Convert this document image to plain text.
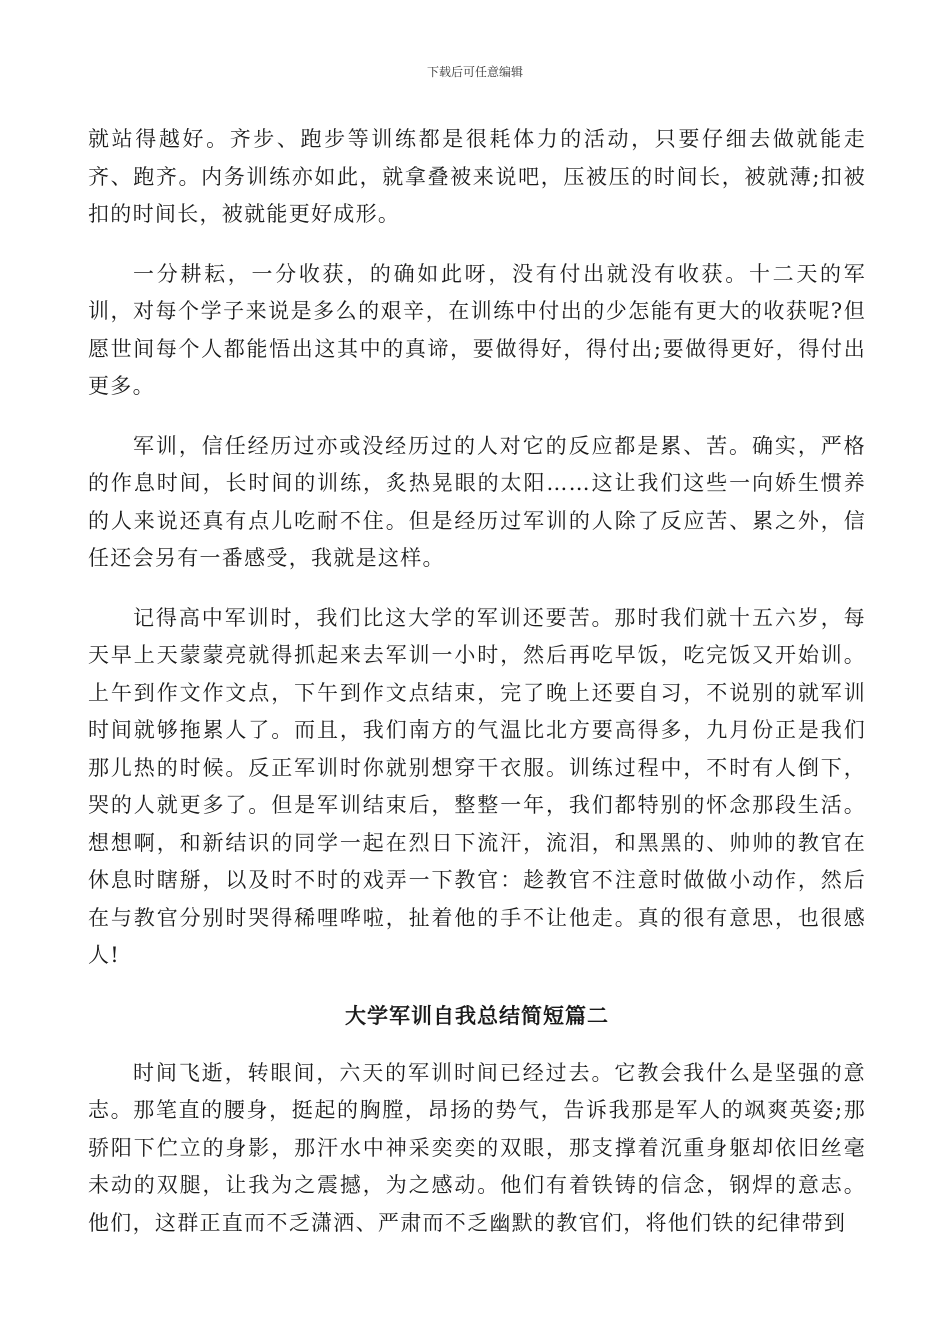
下载后可任意编辑

就站得越好。齐步、跑步等训练都是很耗体力的活动，只要仔细去做就能走齐、跑齐。内务训练亦如此，就拿叠被来说吧，压被压的时间长，被就薄;扣被扣的时间长，被就能更好成形。

一分耕耘，一分收获，的确如此呀，没有付出就没有收获。十二天的军训，对每个学子来说是多么的艰辛，在训练中付出的少怎能有更大的收获呢?但愿世间每个人都能悟出这其中的真谛，要做得好，得付出;要做得更好，得付出更多。

军训，信任经历过亦或没经历过的人对它的反应都是累、苦。确实，严格的作息时间，长时间的训练，炙热晃眼的太阳……这让我们这些一向娇生惯养的人来说还真有点儿吃耐不住。但是经历过军训的人除了反应苦、累之外，信任还会另有一番感受，我就是这样。

记得高中军训时，我们比这大学的军训还要苦。那时我们就十五六岁，每天早上天蒙蒙亮就得抓起来去军训一小时，然后再吃早饭，吃完饭又开始训。上午到作文作文点，下午到作文点结束，完了晚上还要自习，不说别的就军训时间就够拖累人了。而且，我们南方的气温比北方要高得多，九月份正是我们那儿热的时候。反正军训时你就别想穿干衣服。训练过程中，不时有人倒下，哭的人就更多了。但是军训结束后，整整一年，我们都特别的怀念那段生活。想想啊，和新结识的同学一起在烈日下流汗，流泪，和黑黑的、帅帅的教官在休息时瞎掰，以及时不时的戏弄一下教官：趁教官不注意时做做小动作，然后在与教官分别时哭得稀哩哗啦，扯着他的手不让他走。真的很有意思，也很感人!

大学军训自我总结简短篇二

时间飞逝，转眼间，六天的军训时间已经过去。它教会我什么是坚强的意志。那笔直的腰身，挺起的胸膛，昂扬的势气，告诉我那是军人的飒爽英姿;那骄阳下伫立的身影，那汗水中神采奕奕的双眼，那支撑着沉重身躯却依旧丝毫未动的双腿，让我为之震撼，为之感动。他们有着铁铸的信念，钢焊的意志。他们，这群正直而不乏潇洒、严肃而不乏幽默的教官们，将他们铁的纪律带到
